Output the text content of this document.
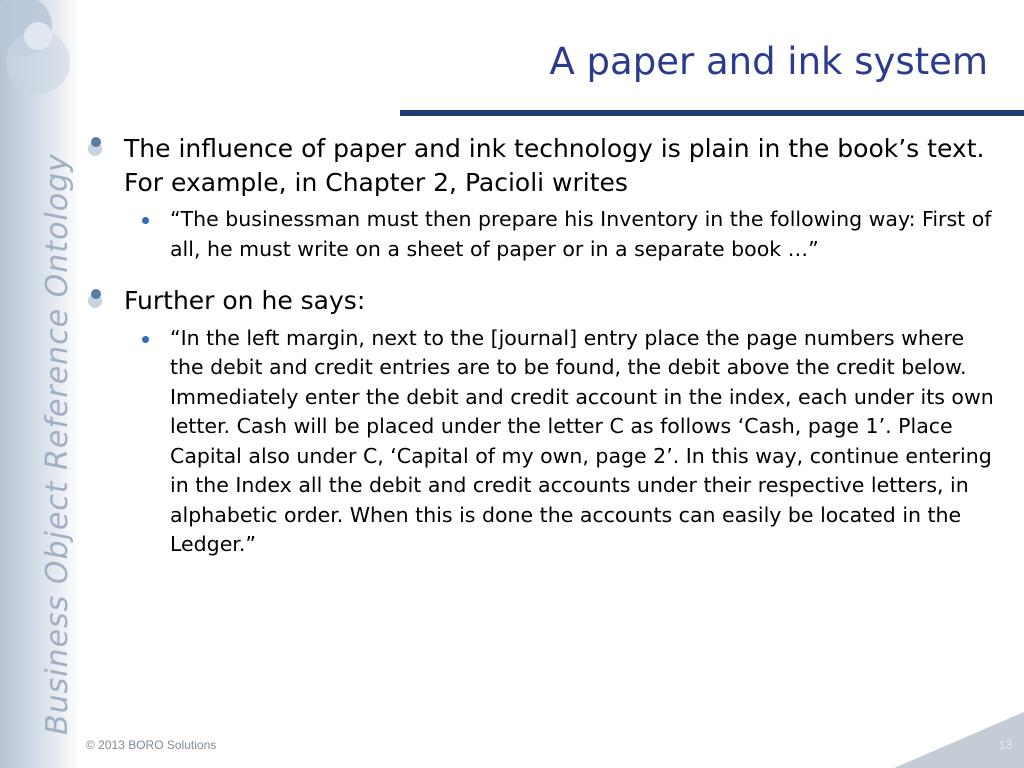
Business Object Reference Ontology
A paper and ink system
The influence of paper and ink technology is plain in the book’s text. For example, in Chapter 2, Pacioli writes
“The businessman must then prepare his Inventory in the following way: First of all, he must write on a sheet of paper or in a separate book …”
Further on he says:
“In the left margin, next to the [journal] entry place the page numbers where the debit and credit entries are to be found, the debit above the credit below. Immediately enter the debit and credit account in the index, each under its own letter. Cash will be placed under the letter C as follows ‘Cash, page 1’. Place Capital also under C, ‘Capital of my own, page 2’. In this way, continue entering in the Index all the debit and credit accounts under their respective letters, in alphabetic order. When this is done the accounts can easily be located in the Ledger.”
© 2013 BORO Solutions	13
